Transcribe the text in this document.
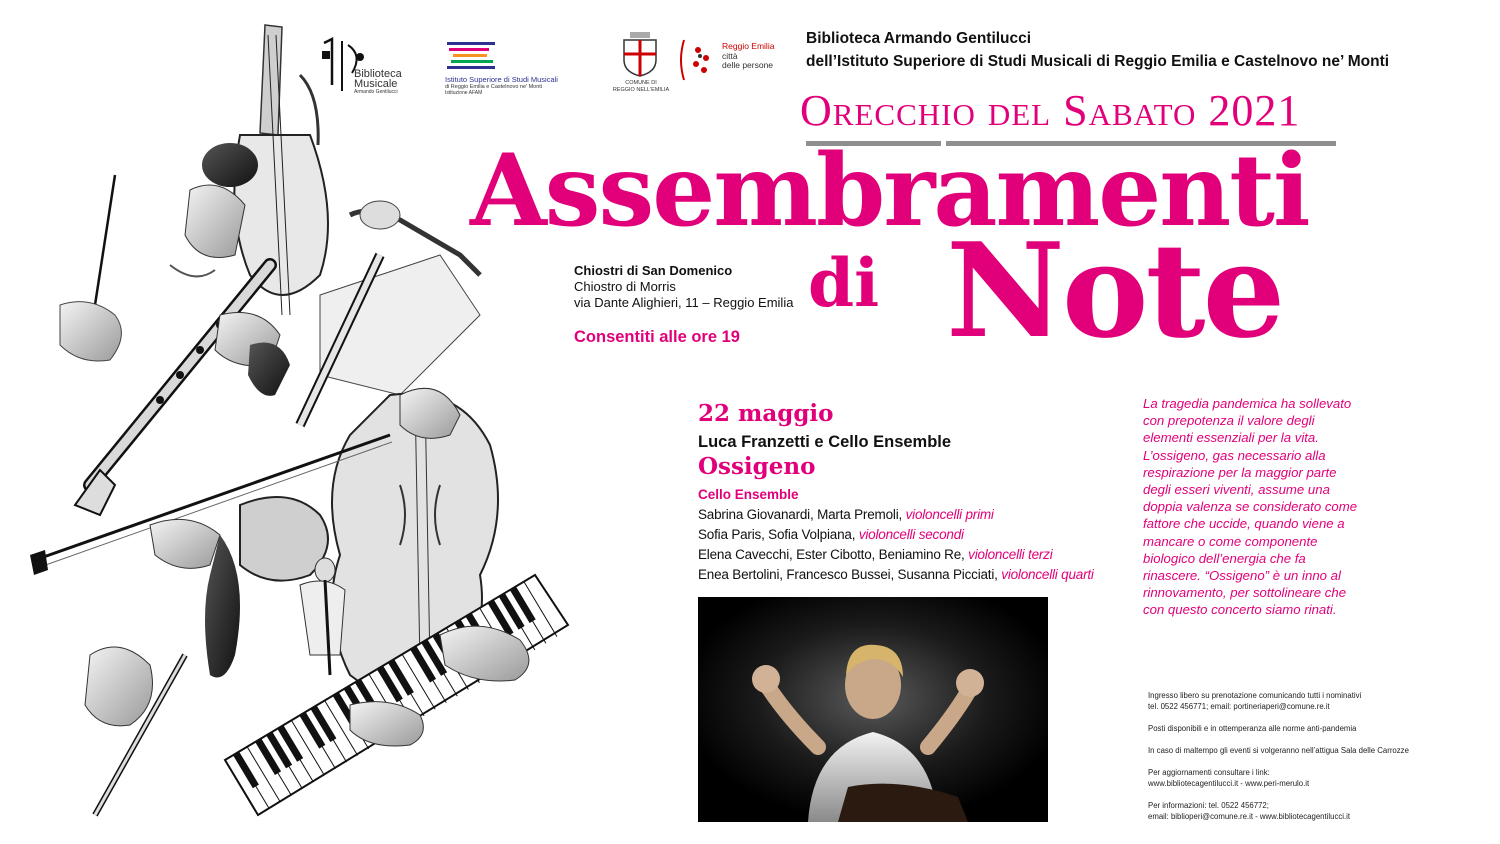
Biblioteca
Musicale
Armando Gentilucci
Istituto Superiore di Studi Musicali
di Reggio Emilia e Castelnovo ne' Monti
Istituzione AFAM
COMUNE DI
REGGIO NELL'EMILIA
Reggio Emilia
città
delle persone
Biblioteca Armando Gentilucci
dell’Istituto Superiore di Studi Musicali di Reggio Emilia e Castelnovo ne’ Monti
Orecchio del Sabato 2021
Assembramenti
di Note
Chiostri di San Domenico
Chiostro di Morris
via Dante Alighieri, 11 – Reggio Emilia
Consentiti alle ore 19
22 maggio
Luca Franzetti e Cello Ensemble
Ossigeno
Cello Ensemble
Sabrina Giovanardi, Marta Premoli, violoncelli primi
Sofia Paris, Sofia Volpiana, violoncelli secondi
Elena Cavecchi, Ester Cibotto, Beniamino Re, violoncelli terzi
Enea Bertolini, Francesco Bussei, Susanna Picciati, violoncelli quarti
La tragedia pandemica ha sollevato con prepotenza il valore degli elementi essenziali per la vita. L’ossigeno, gas necessario alla respirazione per la maggior parte degli esseri viventi, assume una doppia valenza se considerato come fattore che uccide, quando viene a mancare o come componente biologico dell’energia che fa rinascere. “Ossigeno” è un inno al rinnovamento, per sottolineare che con questo concerto siamo rinati.

Ingresso libero su prenotazione comunicando tutti i nominativi
tel. 0522 456771; email: portineriaperi@comune.re.it

Posti disponibili e in ottemperanza alle norme anti-pandemia

In caso di maltempo gli eventi si volgeranno nell’attigua Sala delle Carrozze

Per aggiornamenti consultare i link:
www.bibliotecagentilucci.it - www.peri-merulo.it

Per informazioni: tel. 0522 456772;
email: biblioperi@comune.re.it - www.bibliotecagentilucci.it
